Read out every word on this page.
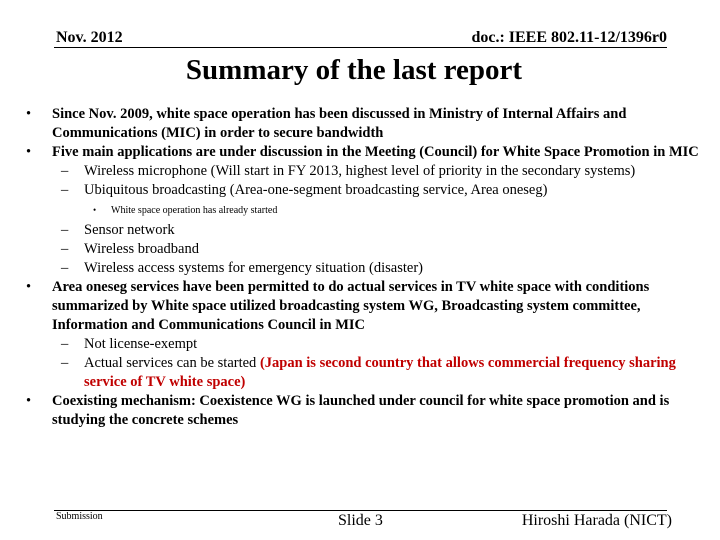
Nov. 2012	doc.: IEEE 802.11-12/1396r0
Summary of the last report
• Since Nov. 2009, white space operation has been discussed in Ministry of Internal Affairs and Communications (MIC) in order to secure bandwidth
• Five main applications are under discussion in the Meeting (Council) for White Space Promotion in MIC
– Wireless microphone (Will start in FY 2013, highest level of priority in the secondary systems)
– Ubiquitous broadcasting (Area-one-segment broadcasting service, Area oneseg)
• White space operation has already started
– Sensor network
– Wireless broadband
– Wireless access systems for emergency situation (disaster)
• Area oneseg services have been permitted to do actual services in TV white space with conditions summarized by White space utilized broadcasting system WG, Broadcasting system committee, Information and Communications Council in MIC
– Not license-exempt
– Actual services can be started (Japan is second country that allows commercial frequency sharing service of TV white space)
• Coexisting mechanism: Coexistence WG is launched under council for white space promotion and is studying the concrete schemes
Submission	Slide 3	Hiroshi Harada (NICT)
